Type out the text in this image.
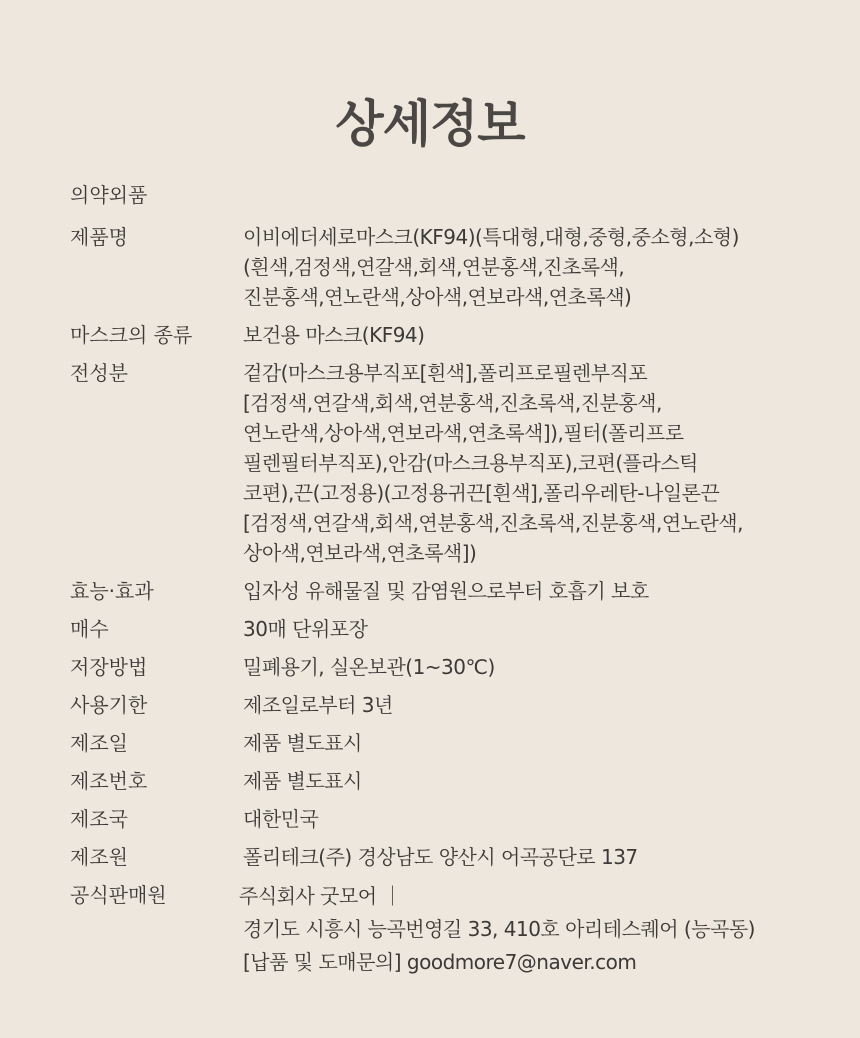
상세정보
의약외품
제품명	이비에더세로마스크(KF94)(특대형,대형,중형,중소형,소형)
(흰색,검정색,연갈색,회색,연분홍색,진초록색,
진분홍색,연노란색,상아색,연보라색,연초록색)
마스크의 종류	보건용 마스크(KF94)
전성분	겉감(마스크용부직포[흰색],폴리프로필렌부직포
[검정색,연갈색,회색,연분홍색,진초록색,진분홍색,
연노란색,상아색,연보라색,연초록색]),필터(폴리프로
필렌필터부직포),안감(마스크용부직포),코편(플라스틱
코편),끈(고정용)(고정용귀끈[흰색],폴리우레탄-나일론끈
[검정색,연갈색,회색,연분홍색,진초록색,진분홍색,연노란색,
상아색,연보라색,연초록색])
효능·효과	입자성 유해물질 및 감염원으로부터 호흡기 보호
매수	30매 단위포장
저장방법	밀폐용기, 실온보관(1~30℃)
사용기한	제조일로부터 3년
제조일	제품 별도표시
제조번호	제품 별도표시
제조국	대한민국
제조원	폴리테크(주) 경상남도 양산시 어곡공단로 137
공식판매원	주식회사 굿모어 ｜
경기도 시흥시 능곡번영길 33, 410호 아리테스퀘어 (능곡동)
[납품 및 도매문의] goodmore7@naver.com
